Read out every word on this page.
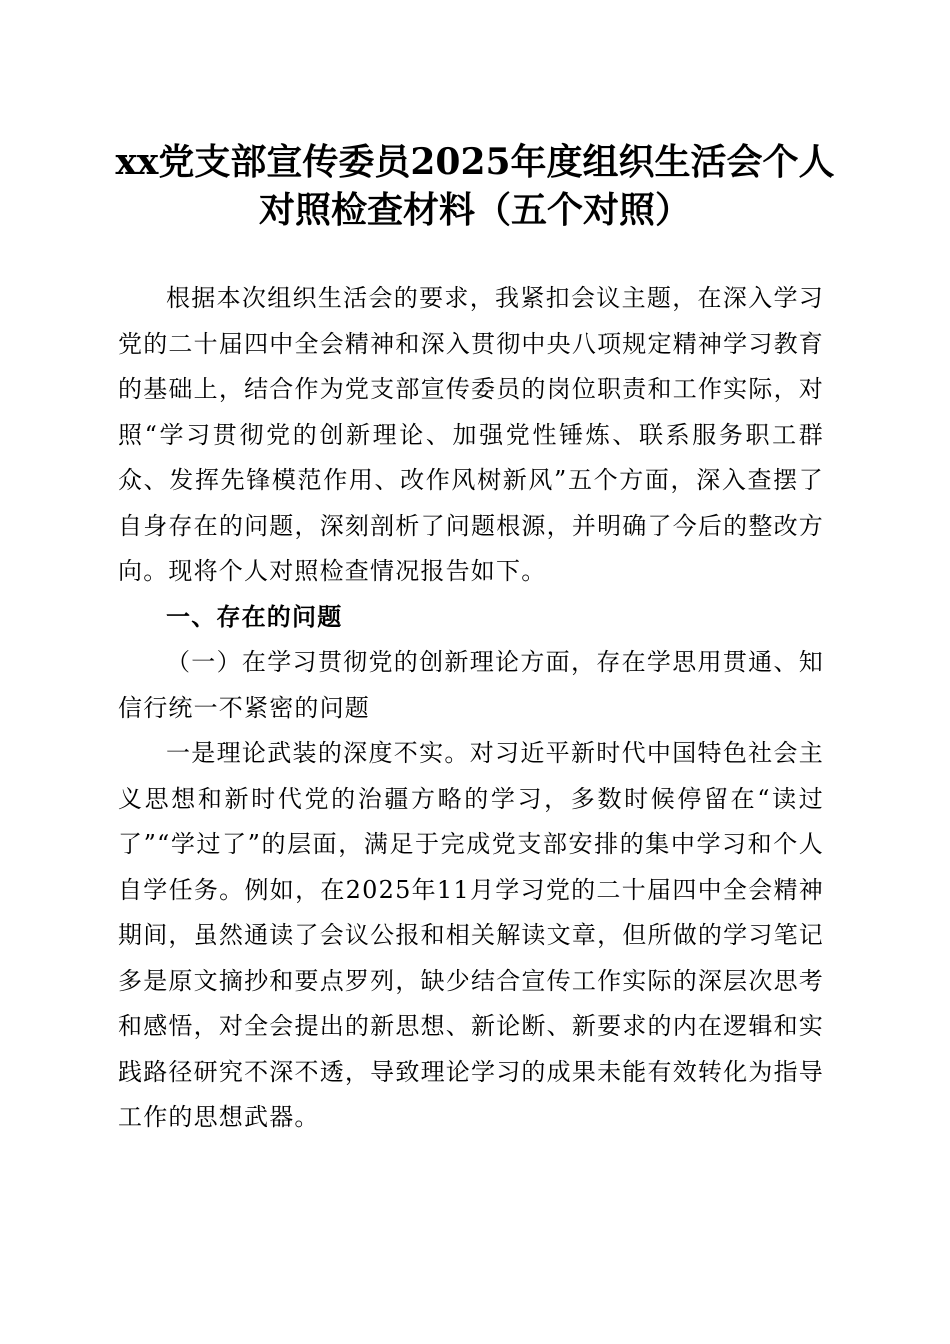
xx党支部宣传委员2025年度组织生活会个人
对照检查材料（五个对照）

根据本次组织生活会的要求，我紧扣会议主题，在深入学习党的二十届四中全会精神和深入贯彻中央八项规定精神学习教育的基础上，结合作为党支部宣传委员的岗位职责和工作实际，对照“学习贯彻党的创新理论、加强党性锤炼、联系服务职工群众、发挥先锋模范作用、改作风树新风”五个方面，深入查摆了自身存在的问题，深刻剖析了问题根源，并明确了今后的整改方向。现将个人对照检查情况报告如下。

一、存在的问题

（一）在学习贯彻党的创新理论方面，存在学思用贯通、知信行统一不紧密的问题

一是理论武装的深度不实。对习近平新时代中国特色社会主义思想和新时代党的治疆方略的学习，多数时候停留在“读过了”“学过了”的层面，满足于完成党支部安排的集中学习和个人自学任务。例如，在2025年11月学习党的二十届四中全会精神期间，虽然通读了会议公报和相关解读文章，但所做的学习笔记多是原文摘抄和要点罗列，缺少结合宣传工作实际的深层次思考和感悟，对全会提出的新思想、新论断、新要求的内在逻辑和实践路径研究不深不透，导致理论学习的成果未能有效转化为指导工作的思想武器。
